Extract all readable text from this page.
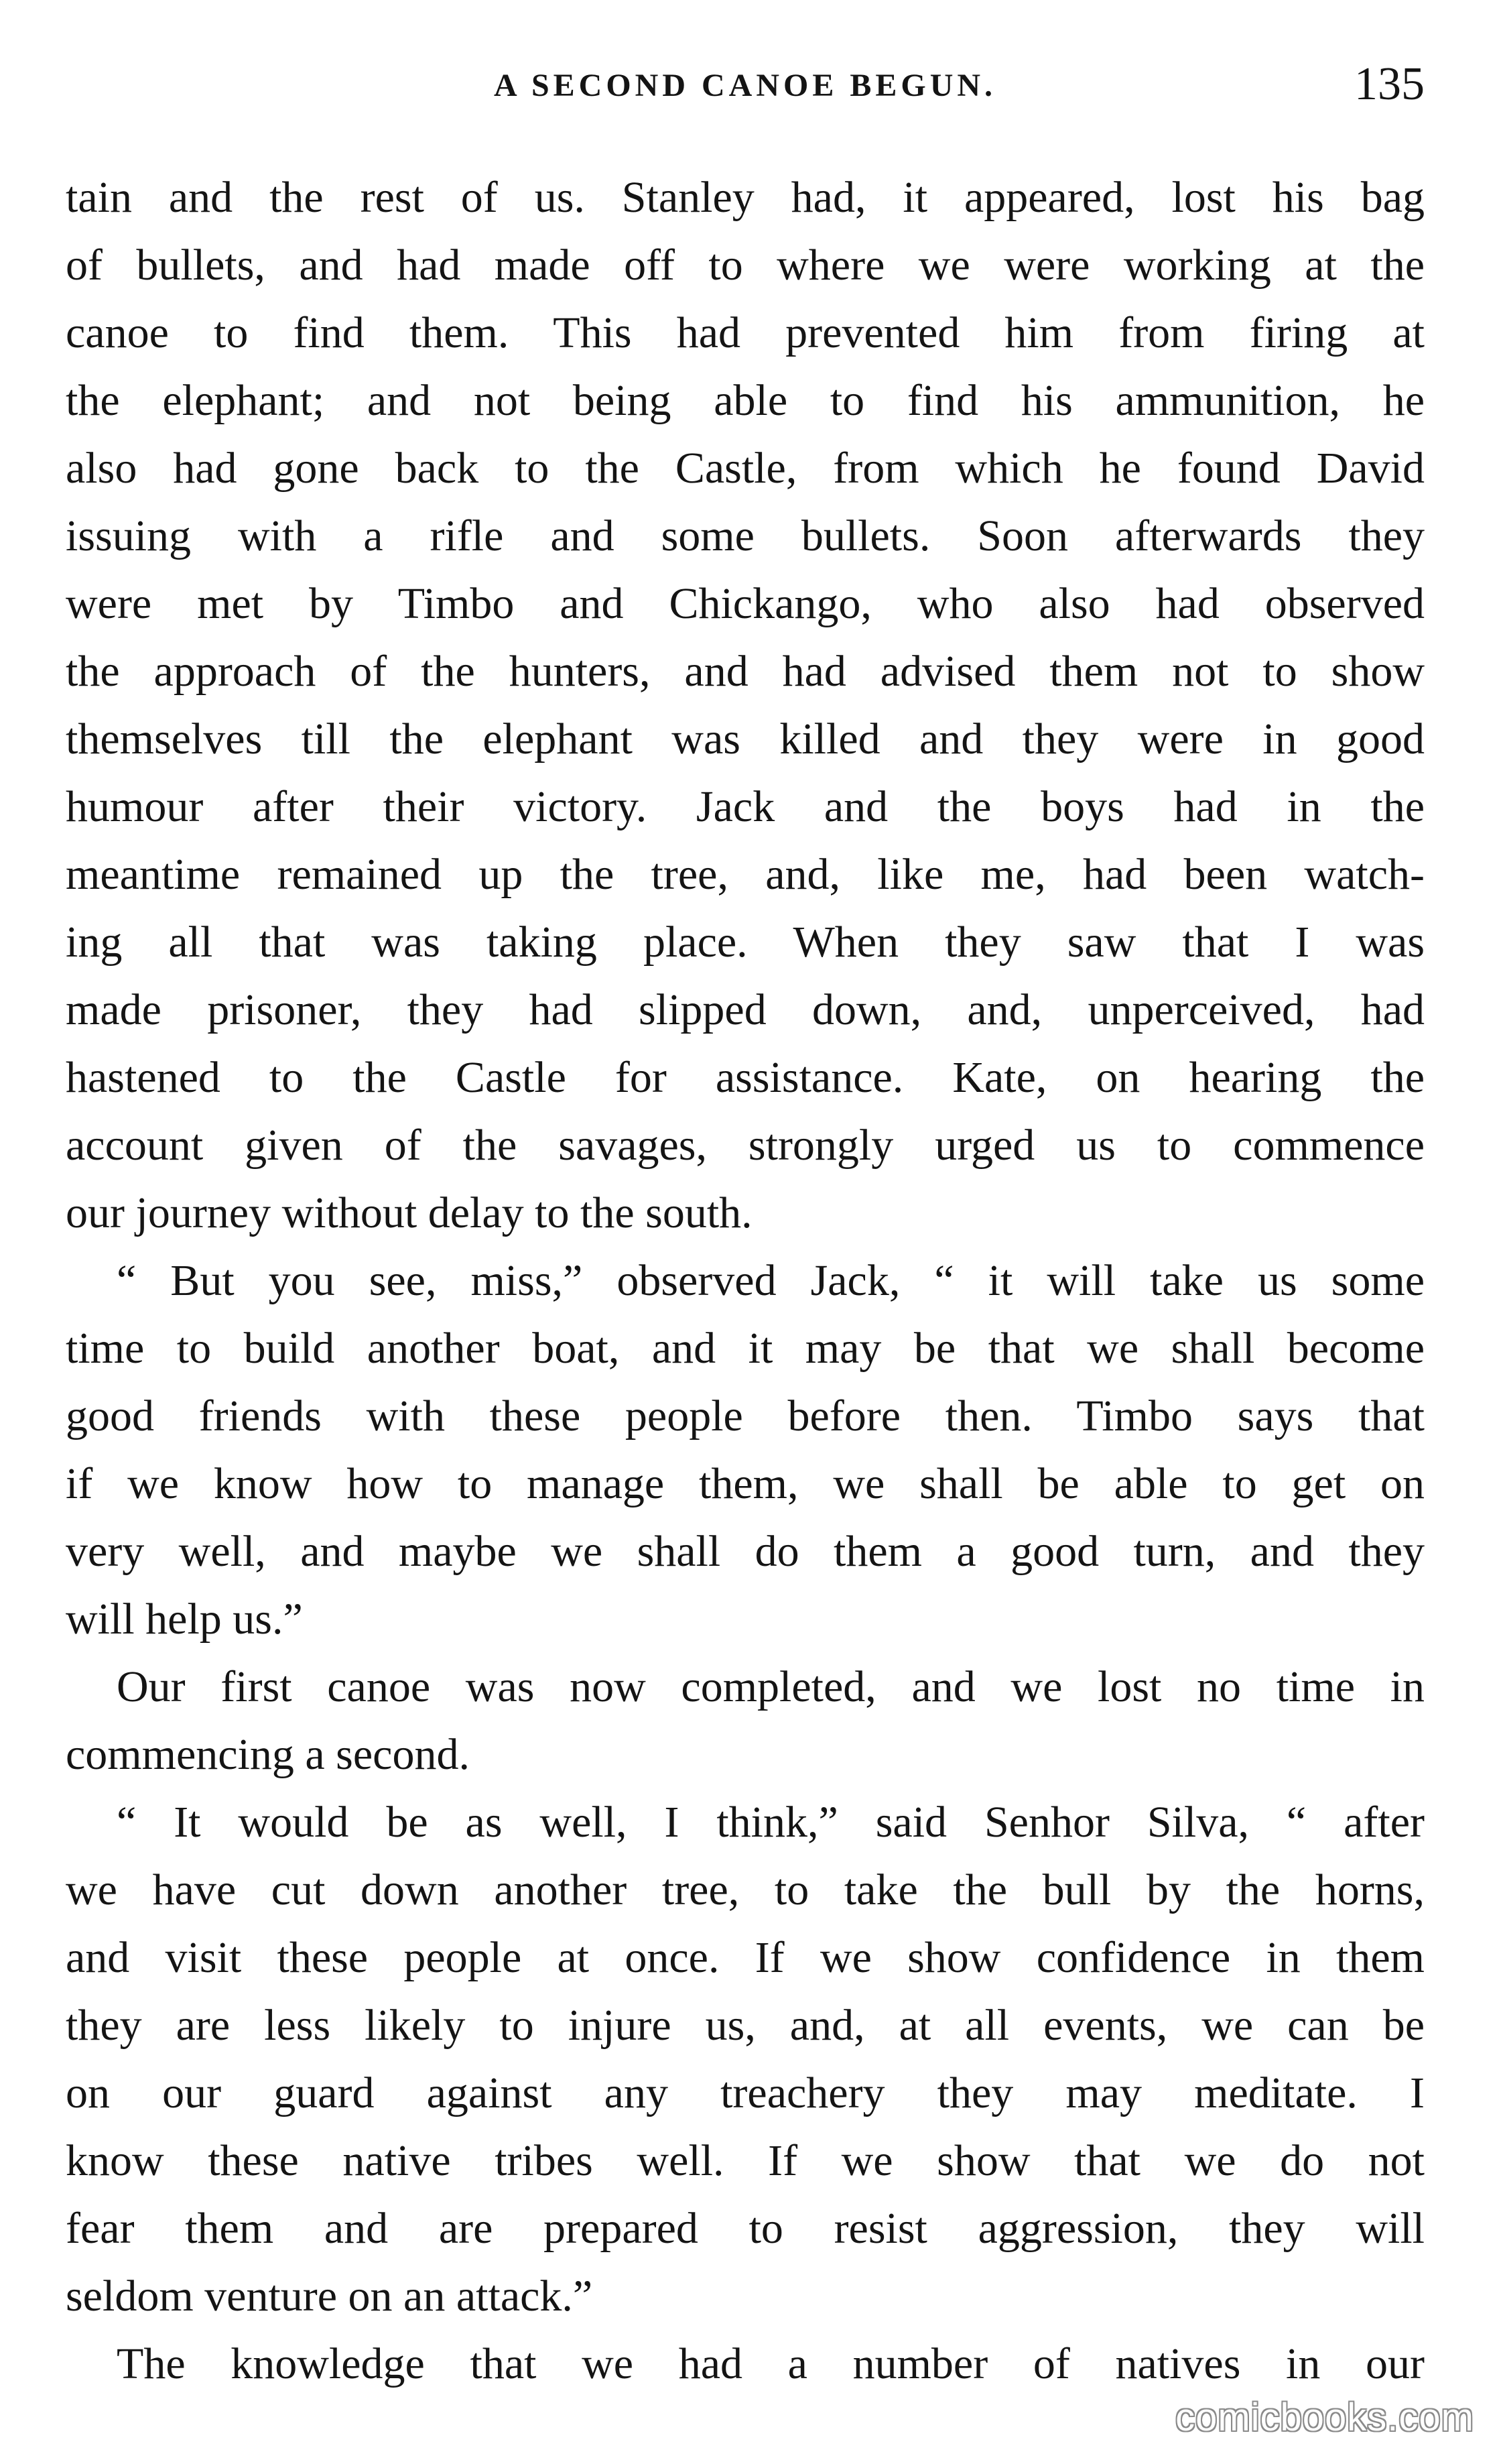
A SECOND CANOE BEGUN.	135
tain and the rest of us. Stanley had, it appeared, lost his bag
of bullets, and had made off to where we were working at the
canoe to find them. This had prevented him from firing at
the elephant; and not being able to find his ammunition, he
also had gone back to the Castle, from which he found David
issuing with a rifle and some bullets. Soon afterwards they
were met by Timbo and Chickango, who also had observed
the approach of the hunters, and had advised them not to show
themselves till the elephant was killed and they were in good
humour after their victory. Jack and the boys had in the
meantime remained up the tree, and, like me, had been watch-
ing all that was taking place. When they saw that I was
made prisoner, they had slipped down, and, unperceived, had
hastened to the Castle for assistance. Kate, on hearing the
account given of the savages, strongly urged us to commence
our journey without delay to the south.
“ But you see, miss,” observed Jack, “ it will take us some
time to build another boat, and it may be that we shall become
good friends with these people before then. Timbo says that
if we know how to manage them, we shall be able to get on
very well, and maybe we shall do them a good turn, and they
will help us.”
Our first canoe was now completed, and we lost no time in
commencing a second.
“ It would be as well, I think,” said Senhor Silva, “ after
we have cut down another tree, to take the bull by the horns,
and visit these people at once. If we show confidence in them
they are less likely to injure us, and, at all events, we can be
on our guard against any treachery they may meditate. I
know these native tribes well. If we show that we do not
fear them and are prepared to resist aggression, they will
seldom venture on an attack.”
The knowledge that we had a number of natives in our
comicbooks.com
